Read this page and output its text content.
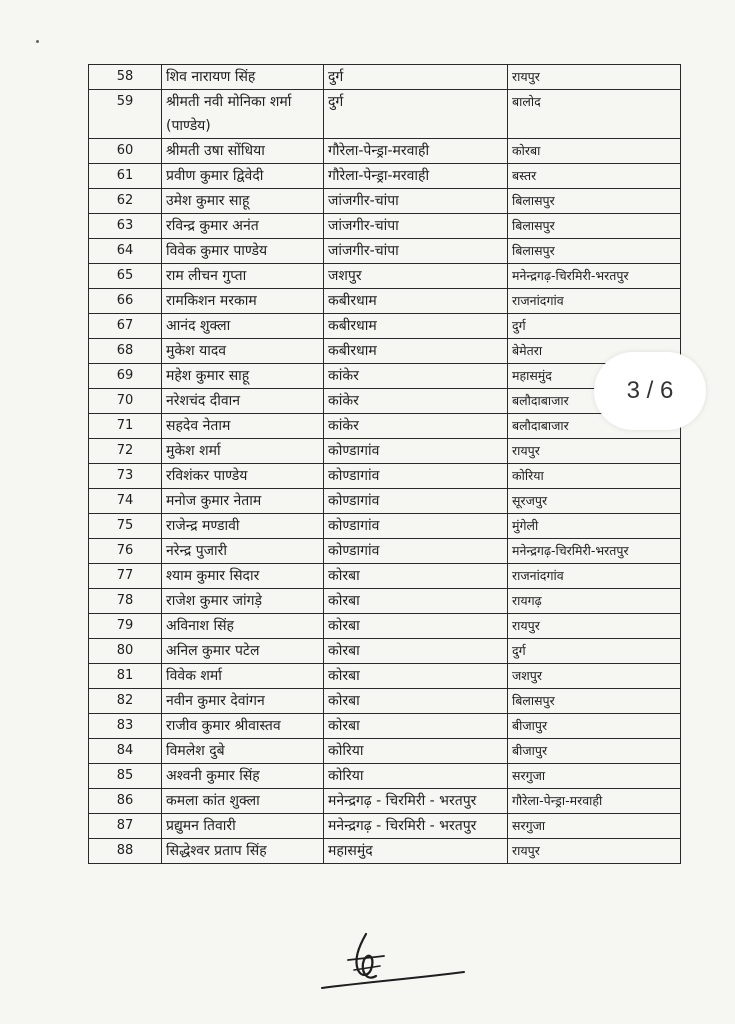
58	शिव नारायण सिंह	दुर्ग	रायपुर
59	श्रीमती नवी मोनिका शर्मा (पाण्डेय)	दुर्ग	बालोद
60	श्रीमती उषा सोंधिया	गौरेला-पेन्ड्रा-मरवाही	कोरबा
61	प्रवीण कुमार द्विवेदी	गौरेला-पेन्ड्रा-मरवाही	बस्तर
62	उमेश कुमार साहू	जांजगीर-चांपा	बिलासपुर
63	रविन्द्र कुमार अनंत	जांजगीर-चांपा	बिलासपुर
64	विवेक कुमार पाण्डेय	जांजगीर-चांपा	बिलासपुर
65	राम लीचन गुप्ता	जशपुर	मनेन्द्रगढ़-चिरमिरी-भरतपुर
66	रामकिशन मरकाम	कबीरधाम	राजनांदगांव
67	आनंद शुक्ला	कबीरधाम	दुर्ग
68	मुकेश यादव	कबीरधाम	बेमेतरा
69	महेश कुमार साहू	कांकेर	महासमुंद
70	नरेशचंद दीवान	कांकेर	बलौदाबाजार
71	सहदेव नेताम	कांकेर	बलौदाबाजार
72	मुकेश शर्मा	कोण्डागांव	रायपुर
73	रविशंकर पाण्डेय	कोण्डागांव	कोरिया
74	मनोज कुमार नेताम	कोण्डागांव	सूरजपुर
75	राजेन्द्र मण्डावी	कोण्डागांव	मुंगेली
76	नरेन्द्र पुजारी	कोण्डागांव	मनेन्द्रगढ़-चिरमिरी-भरतपुर
77	श्याम कुमार सिदार	कोरबा	राजनांदगांव
78	राजेश कुमार जांगड़े	कोरबा	रायगढ़
79	अविनाश सिंह	कोरबा	रायपुर
80	अनिल कुमार पटेल	कोरबा	दुर्ग
81	विवेक शर्मा	कोरबा	जशपुर
82	नवीन कुमार देवांगन	कोरबा	बिलासपुर
83	राजीव कुमार श्रीवास्तव	कोरबा	बीजापुर
84	विमलेश दुबे	कोरिया	बीजापुर
85	अश्वनी कुमार सिंह	कोरिया	सरगुजा
86	कमला कांत शुक्ला	मनेन्द्रगढ़ - चिरमिरी - भरतपुर	गौरेला-पेन्ड्रा-मरवाही
87	प्रद्युमन तिवारी	मनेन्द्रगढ़ - चिरमिरी - भरतपुर	सरगुजा
88	सिद्धेश्वर प्रताप सिंह	महासमुंद	रायपुर
3 / 6
